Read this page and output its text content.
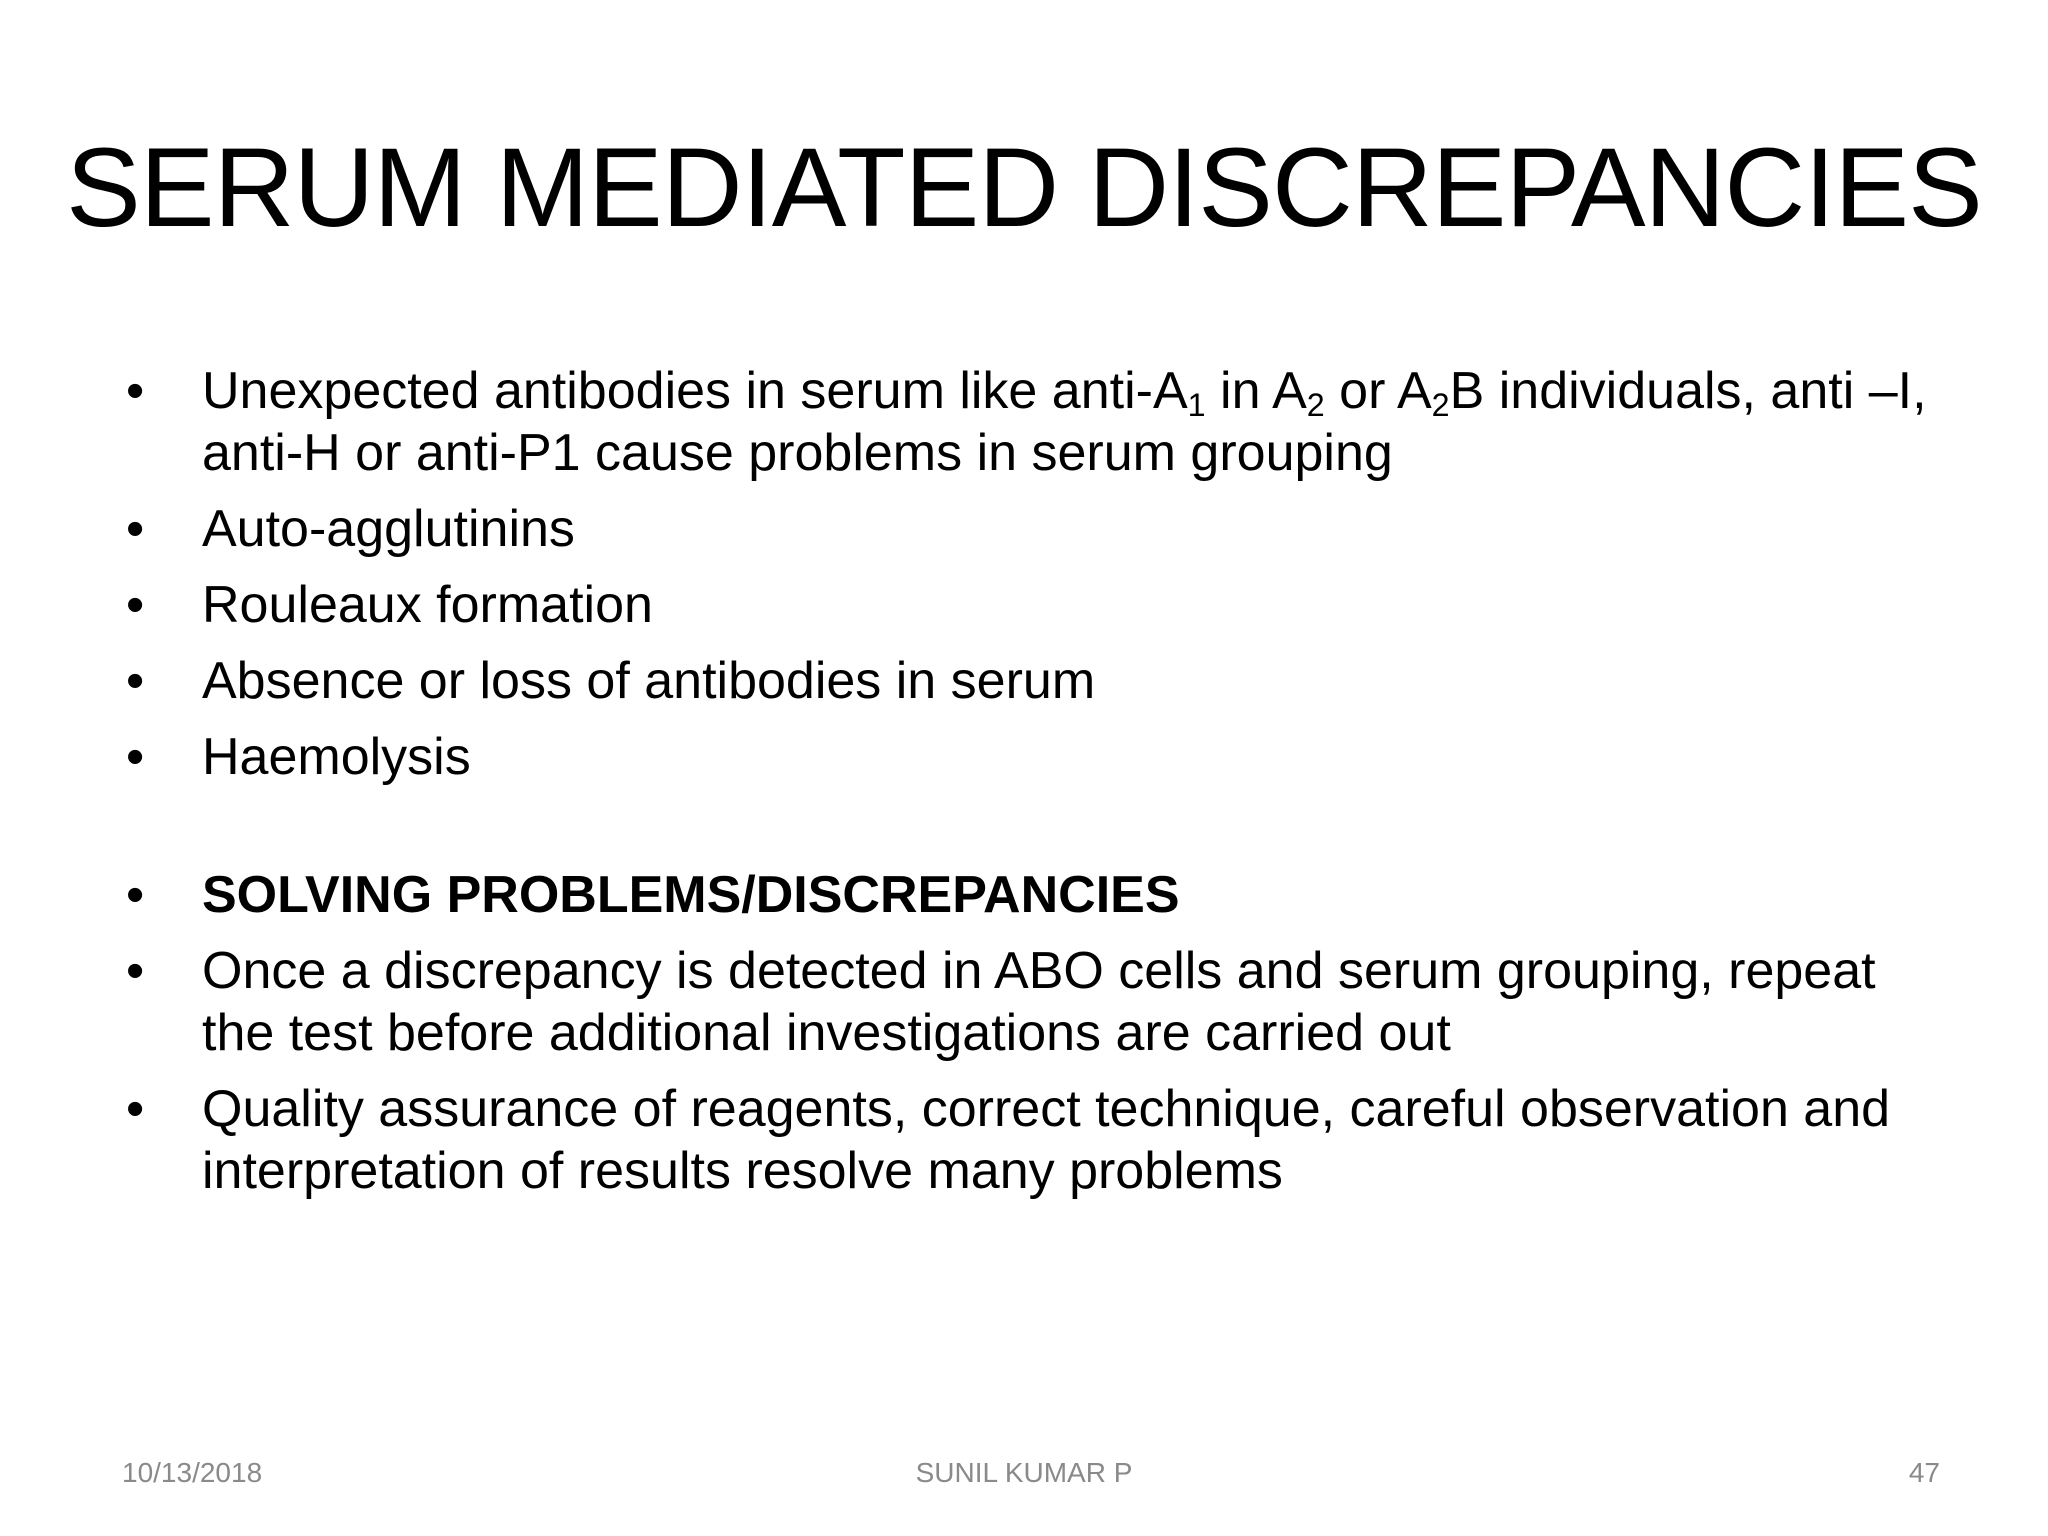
SERUM MEDIATED DISCREPANCIES
• Unexpected antibodies in serum like anti-$A_1$ in $A_2$ or $A_2B$ individuals, anti –I, anti-H or anti-P1 cause problems in serum grouping
• Auto-agglutinins
• Rouleaux formation
• Absence or loss of antibodies in serum
• Haemolysis
• SOLVING PROBLEMS/DISCREPANCIES
• Once a discrepancy is detected in ABO cells and serum grouping, repeat the test before additional investigations are carried out
• Quality assurance of reagents, correct technique, careful observation and interpretation of results resolve many problems
10/13/2018	SUNIL KUMAR P	47
